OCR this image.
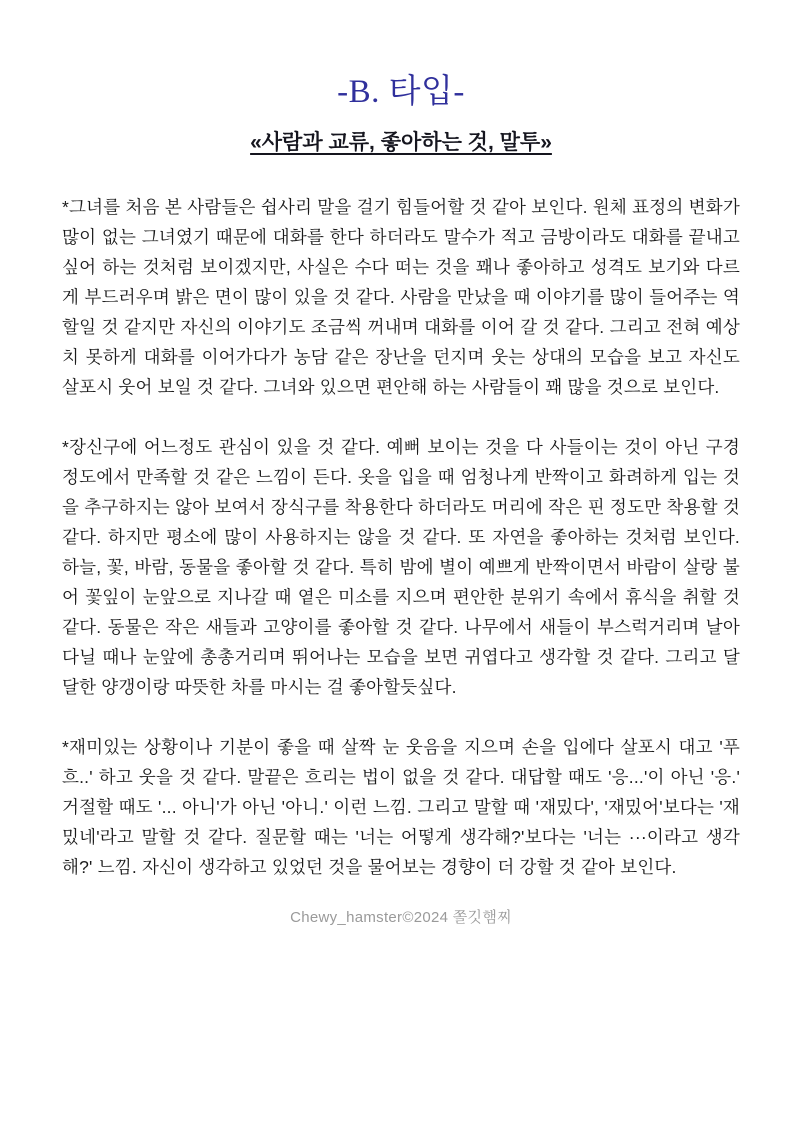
-B. 타입-
«사람과 교류, 좋아하는 것, 말투»

*그녀를 처음 본 사람들은 쉽사리 말을 걸기 힘들어할 것 같아 보인다. 원체 표정의 변화가 많이 없는 그녀였기 때문에 대화를 한다 하더라도 말수가 적고 금방이라도 대화를 끝내고 싶어 하는 것처럼 보이겠지만, 사실은 수다 떠는 것을 꽤나 좋아하고 성격도 보기와 다르게 부드러우며 밝은 면이 많이 있을 것 같다. 사람을 만났을 때 이야기를 많이 들어주는 역할일 것 같지만 자신의 이야기도 조금씩 꺼내며 대화를 이어 갈 것 같다. 그리고 전혀 예상치 못하게 대화를 이어가다가 농담 같은 장난을 던지며 웃는 상대의 모습을 보고 자신도 살포시 웃어 보일 것 같다. 그녀와 있으면 편안해 하는 사람들이 꽤 많을 것으로 보인다.

*장신구에 어느정도 관심이 있을 것 같다. 예뻐 보이는 것을 다 사들이는 것이 아닌 구경 정도에서 만족할 것 같은 느낌이 든다. 옷을 입을 때 엄청나게 반짝이고 화려하게 입는 것을 추구하지는 않아 보여서 장식구를 착용한다 하더라도 머리에 작은 핀 정도만 착용할 것 같다. 하지만 평소에 많이 사용하지는 않을 것 같다. 또 자연을 좋아하는 것처럼 보인다. 하늘, 꽃, 바람, 동물을 좋아할 것 같다. 특히 밤에 별이 예쁘게 반짝이면서 바람이 살랑 불어 꽃잎이 눈앞으로 지나갈 때 옅은 미소를 지으며 편안한 분위기 속에서 휴식을 취할 것 같다. 동물은 작은 새들과 고양이를 좋아할 것 같다. 나무에서 새들이 부스럭거리며 날아다닐 때나 눈앞에 총총거리며 뛰어나는 모습을 보면 귀엽다고 생각할 것 같다. 그리고 달달한 양갱이랑 따뜻한 차를 마시는 걸 좋아할듯싶다.

*재미있는 상황이나 기분이 좋을 때 살짝 눈 웃음을 지으며 손을 입에다 살포시 대고 '푸흐..' 하고 웃을 것 같다. 말끝은 흐리는 법이 없을 것 같다. 대답할 때도 '응...'이 아닌 '응.' 거절할 때도 '... 아니'가 아닌 '아니.' 이런 느낌. 그리고 말할 때 '재밌다', '재밌어'보다는 '재밌네'라고 말할 것 같다. 질문할 때는 '너는 어떻게 생각해?'보다는 '너는 ···이라고 생각해?' 느낌. 자신이 생각하고 있었던 것을 물어보는 경향이 더 강할 것 같아 보인다.

Chewy_hamster©2024 쫄깃햄찌
